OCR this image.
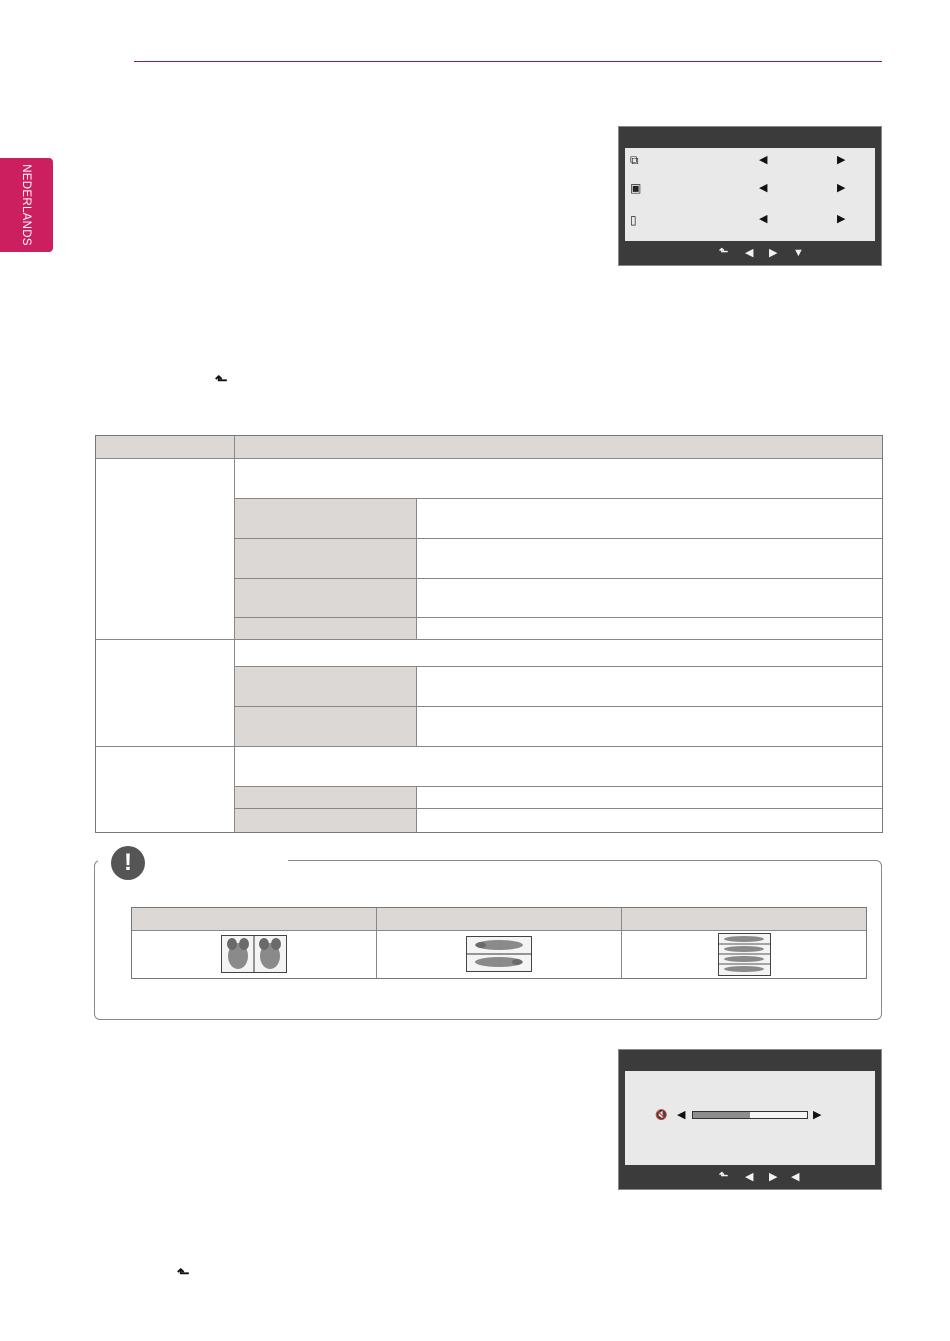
NEDERLANDS
⧉	◀	▶
▣	◀	▶
▯	◀	▶
⬑ ◀ ▶ ▼
⬑
!
🔇 ◀	▶
⬑ ◀ ▶ ◀
⬑
